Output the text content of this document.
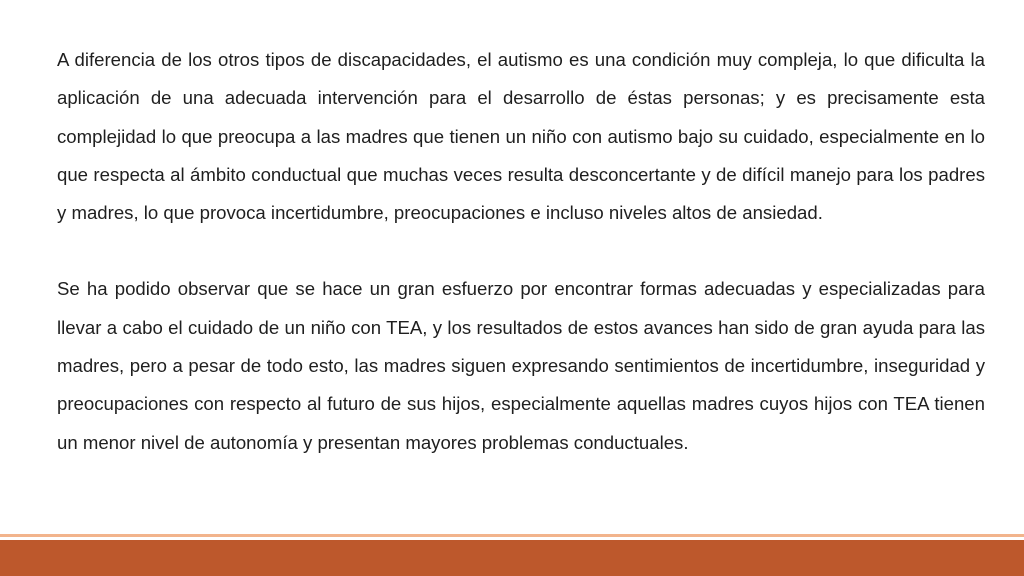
A diferencia de los otros tipos de discapacidades, el autismo es una condición muy compleja, lo que dificulta la aplicación de una adecuada intervención para el desarrollo de éstas personas; y es precisamente esta complejidad lo que preocupa a las madres que tienen un niño con autismo bajo su cuidado, especialmente en lo que respecta al ámbito conductual que muchas veces resulta desconcertante y de difícil manejo para los padres y madres, lo que provoca incertidumbre, preocupaciones e incluso niveles altos de ansiedad.

Se ha podido observar que se hace un gran esfuerzo por encontrar formas adecuadas y especializadas para llevar a cabo el cuidado de un niño con TEA, y los resultados de estos avances han sido de gran ayuda para las madres, pero a pesar de todo esto, las madres siguen expresando sentimientos de incertidumbre, inseguridad y preocupaciones con respecto al futuro de sus hijos, especialmente aquellas madres cuyos hijos con TEA tienen un menor nivel de autonomía y presentan mayores problemas conductuales.
